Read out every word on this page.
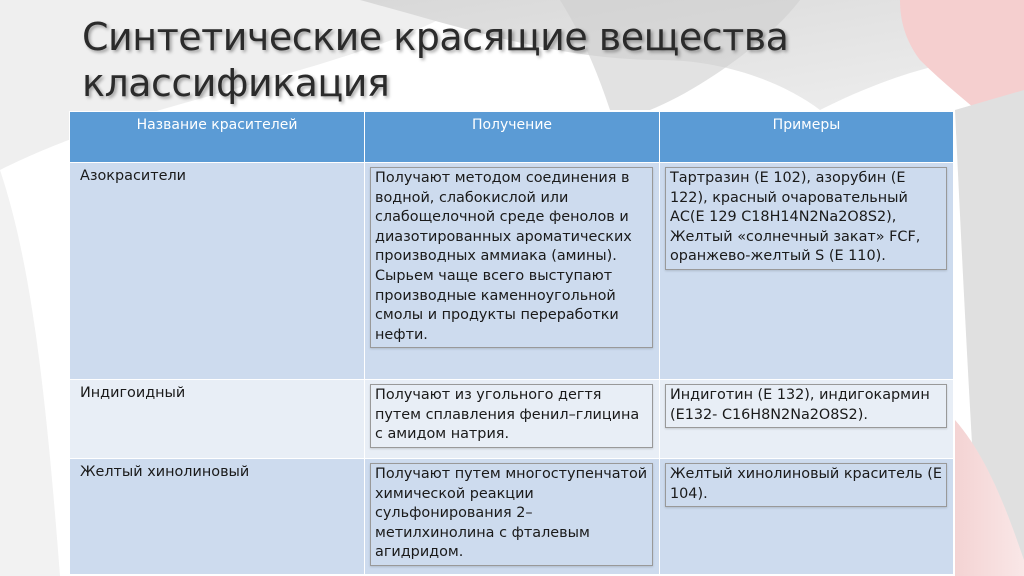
Синтетические красящие вещества
классификация
Название красителей	Получение	Примеры

Азокрасители	Получают методом соединения в водной, слабокислой или слабощелочной среде фенолов и диазотированных ароматических производных аммиака (амины). Сырьем чаще всего выступают производные каменноугольной смолы и продукты переработки нефти.	Тартразин (Е 102), азорубин (Е 122), красный очаровательный АС(Е 129 C18H14N2Na2O8S2), Желтый «солнечный закат» FCF, оранжево-желтый S (Е 110).

Индигоидный	Получают из угольного дегтя путем сплавления фенил–глицина с амидом натрия.	Индиготин (Е 132), индигокармин (E132- C16H8N2Na2O8S2).

Желтый хинолиновый	Получают путем многоступенчатой химической реакции сульфонирования 2–метилхинолина с фталевым агидридом.	Желтый хинолиновый краситель (Е 104).
